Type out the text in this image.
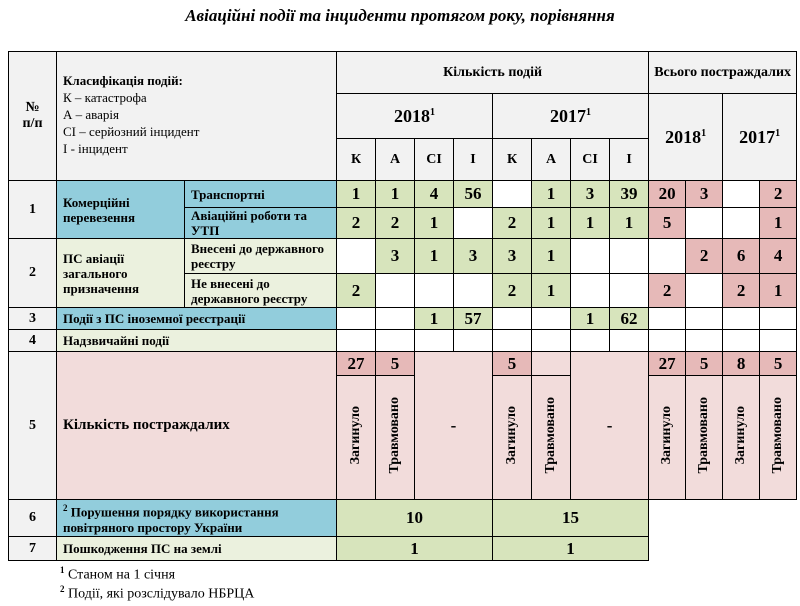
Авіаційні події та інциденти протягом року, порівняння
№
п/п	Класифікація подій:
К – катастрофа
А – аварія
СІ – серйозний інцидент
І - інцидент		Кількість подій								Всього постраждалих			
			2018$^1$				2017$^1$				2018$^1$		2017$^1$
			К	А	СІ	І	К	А	СІ	І				
1	Комерційні перевезення	Транспортні	1	1	4	56		1	3	39	20	3		2
		Авіаційні роботи та УТП	2	2	1		2	1	1	1	5			1
2	ПС авіації загального призначення	Внесені до державного реєстру		3	1	3	3	1				2	6	4
		Не внесені до державного реєстру	2				2	1			2		2	1
3	Події з ПС іноземної реєстрації				1	57			1	62				
4	Надзвичайні події													
5	Кількість постраждалих		27	5	-		5		-		27	5	8	5
			Загинуло	Травмовано			Загинуло	Травмовано			Загинуло	Травмовано	Загинуло	Травмовано
6	$^2$ Порушення порядку використання повітряного простору України		10				15							
7	Пошкодження ПС на землі		1				1							
$^1$ Станом на 1 січня
$^2$ Події, які розслідувало НБРЦА
